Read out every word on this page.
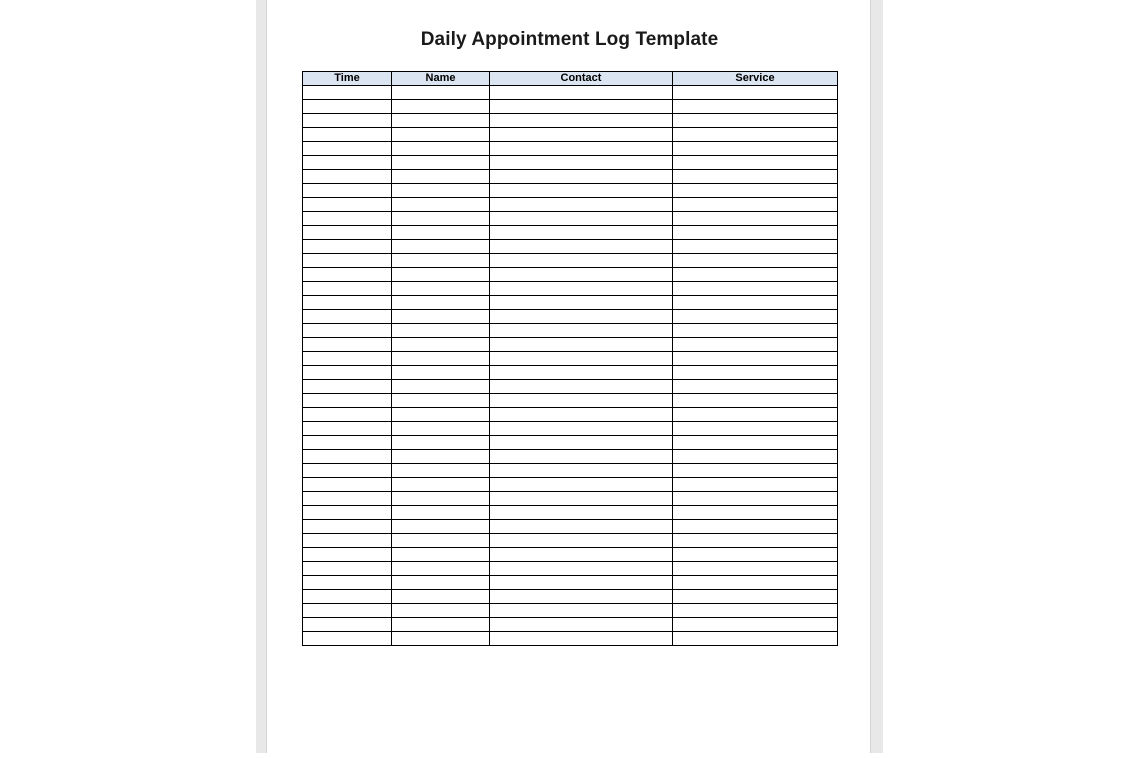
Daily Appointment Log Template
Time	Name	Contact	Service
